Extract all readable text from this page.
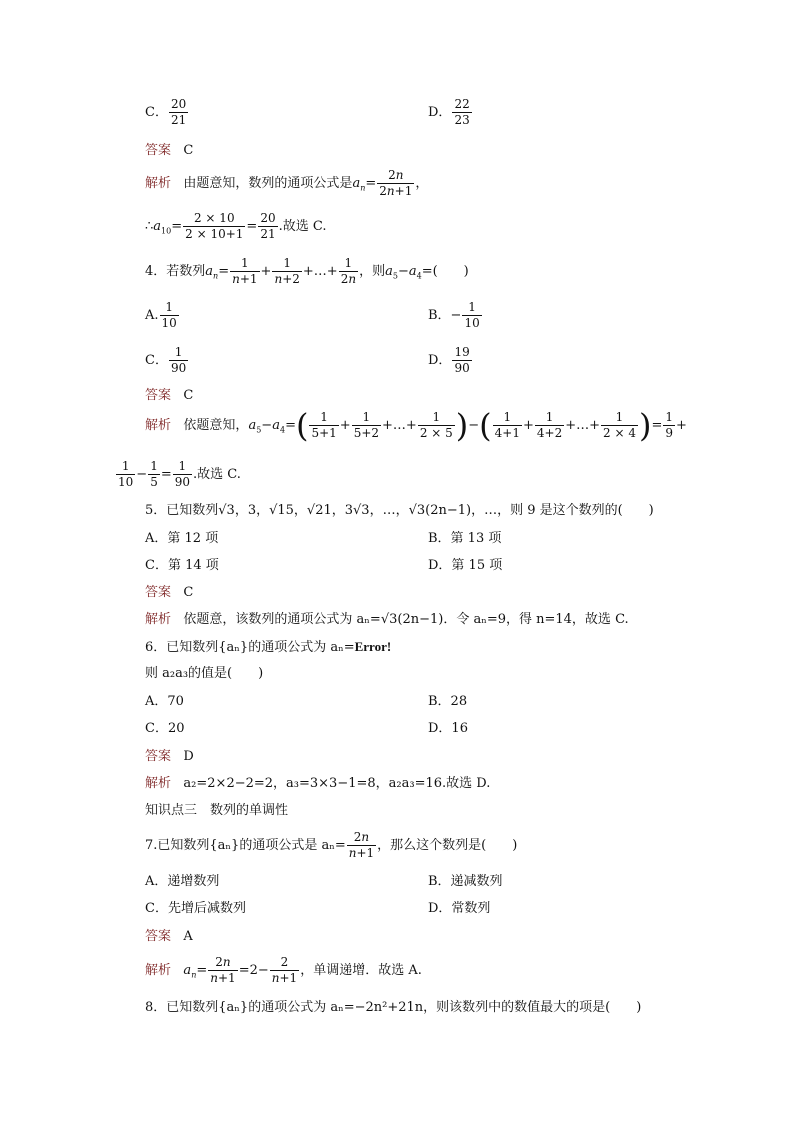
C． $\frac{20}{21}$	D． $\frac{22}{23}$
答案 C
解析 由题意知，数列的通项公式是$a_n= \frac{2n}{2n+1}$ ，
$\therefore a_{10}= \frac{2 \times 10}{2 \times 10+1} = \frac{20}{21}$ .故选 C.
4．若数列$a_n= \frac{1}{n+1} + \frac{1}{n+2}$ +…+ $\frac{1}{2n}$ ，则$a_5-a_4=$(　　)
A. $\frac{1}{10}$	B．− $\frac{1}{10}$
C． $\frac{1}{90}$	D． $\frac{19}{90}$
答案 C
解析 依题意知，$a_5-a_4=( \frac{1}{5+1} + \frac{1}{5+2}$ +…+ $\frac{1}{2 \times 5}$ )−( $\frac{1}{4+1} + \frac{1}{4+2}$ +…+ $\frac{1}{2 \times 4}$ )= $\frac{1}{9}$ +
$\frac{1}{10} - \frac{1}{5} = \frac{1}{90}$ .故选 C.
5．已知数列√3，3，√15，√21，3√3，…，√3(2n−1)，…，则 9 是这个数列的(　　)
A．第 12 项	B．第 13 项
C．第 14 项	D．第 15 项
答案 C
解析 依题意，该数列的通项公式为 aₙ=√3(2n−1)．令 aₙ=9，得 n=14，故选 C.
6．已知数列{aₙ}的通项公式为 aₙ=Error!
则 a₂a₃的值是(　　)
A．70	B．28
C．20	D．16
答案 D
解析 a₂=2×2−2=2，a₃=3×3−1=8，a₂a₃=16.故选 D.
知识点三　数列的单调性
7.已知数列{aₙ}的通项公式是 $a_n= \frac{2n}{n+1}$ ，那么这个数列是(　　)
A．递增数列	B．递减数列
C．先增后减数列	D．常数列
答案 A
解析 $a_n= \frac{2n}{n+1} =2- \frac{2}{n+1}$ ，单调递增．故选 A.
8．已知数列{aₙ}的通项公式为 aₙ=−2n²+21n，则该数列中的数值最大的项是(　　)
